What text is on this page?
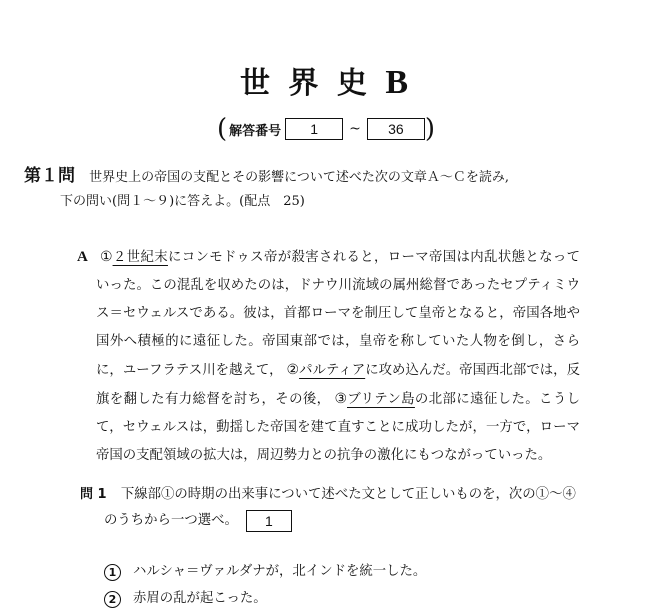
世 界 史 B
( 解答番号	1	~	36 )
第１問 世界史上の帝国の支配とその影響について述べた次の文章Ａ～Ｃを読み,
下の問い(問１～９)に答えよ。(配点　25)
A ①２世紀末にコンモドゥス帝が殺害されると，ローマ帝国は内乱状態となっていった。この混乱を収めたのは，ドナウ川流域の属州総督であったセプティミウス＝セウェルスである。彼は，首都ローマを制圧して皇帝となると，帝国各地や国外へ積極的に遠征した。帝国東部では，皇帝を称していた人物を倒し，さらに，ユーフラテス川を越えて， ②パルティアに攻め込んだ。帝国西北部では，反旗を翻した有力総督を討ち，その後， ③ブリテン島の北部に遠征した。こうして，セウェルスは，動揺した帝国を建て直すことに成功したが，一方で，ローマ帝国の支配領域の拡大は，周辺勢力との抗争の激化にもつながっていった。
問 1 下線部①の時期の出来事について述べた文として正しいものを，次の①～④
のうちから一つ選べ。	1
1	ハルシャ＝ヴァルダナが，北インドを統一した。
2	赤眉の乱が起こった。
